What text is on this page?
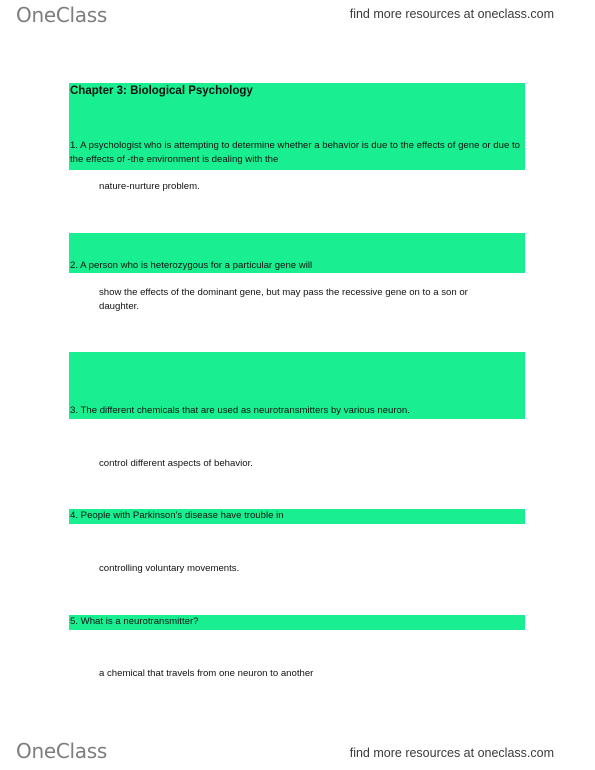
OneClass	find more resources at oneclass.com
Chapter 3: Biological Psychology
1. A psychologist who is attempting to determine whether a behavior is due to the effects of gene or due to the effects of -the environment is dealing with the
nature-nurture problem.
2. A person who is heterozygous for a particular gene will
show the effects of the dominant gene, but may pass the recessive gene on to a son or daughter.
3. The different chemicals that are used as neurotransmitters by various neuron.
control different aspects of behavior.
4. People with Parkinson's disease have trouble in
controlling voluntary movements.
5. What is a neurotransmitter?
a chemical that travels from one neuron to another
OneClass	find more resources at oneclass.com
